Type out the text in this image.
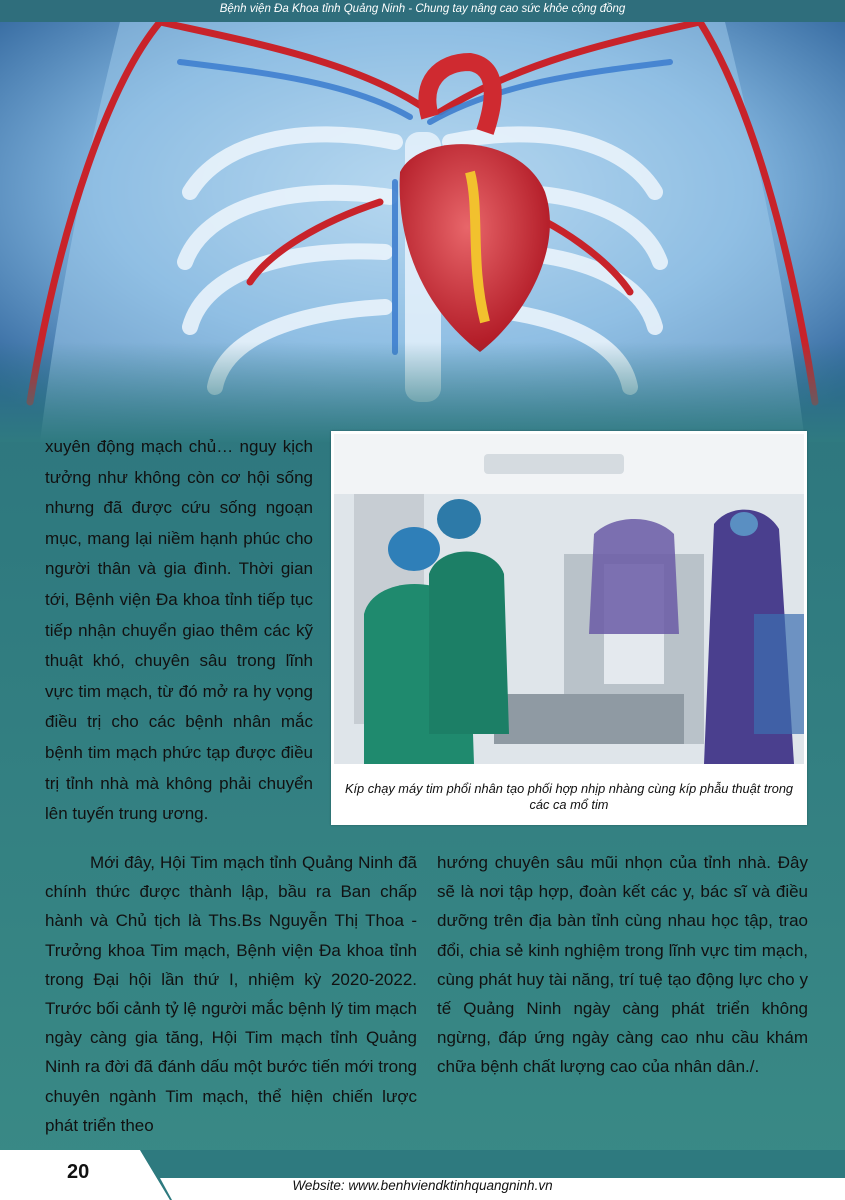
Bệnh viện Đa Khoa tỉnh Quảng Ninh - Chung tay nâng cao sức khỏe cộng đồng

xuyên động mạch chủ… nguy kịch tưởng như không còn cơ hội sống nhưng đã được cứu sống ngoạn mục, mang lại niềm hạnh phúc cho người thân và gia đình. Thời gian tới, Bệnh viện Đa khoa tỉnh tiếp tục tiếp nhận chuyển giao thêm các kỹ thuật khó, chuyên sâu trong lĩnh vực tim mạch, từ đó mở ra hy vọng điều trị cho các bệnh nhân mắc bệnh tim mạch phức tạp được điều trị tỉnh nhà mà không phải chuyển lên tuyến trung ương.

Kíp chạy máy tim phổi nhân tạo phối hợp nhịp nhàng cùng kíp phẫu thuật trong các ca mổ tim

Mới đây, Hội Tim mạch tỉnh Quảng Ninh đã chính thức được thành lập, bầu ra Ban chấp hành và Chủ tịch là Ths.Bs Nguyễn Thị Thoa - Trưởng khoa Tim mạch, Bệnh viện Đa khoa tỉnh trong Đại hội lần thứ I, nhiệm kỳ 2020-2022. Trước bối cảnh tỷ lệ người mắc bệnh lý tim mạch ngày càng gia tăng, Hội Tim mạch tỉnh Quảng Ninh ra đời đã đánh dấu một bước tiến mới trong chuyên ngành Tim mạch, thể hiện chiến lược phát triển theo

hướng chuyên sâu mũi nhọn của tỉnh nhà. Đây sẽ là nơi tập hợp, đoàn kết các y, bác sĩ và điều dưỡng trên địa bàn tỉnh cùng nhau học tập, trao đổi, chia sẻ kinh nghiệm trong lĩnh vực tim mạch, cùng phát huy tài năng, trí tuệ tạo động lực cho y tế Quảng Ninh ngày càng phát triển không ngừng, đáp ứng ngày càng cao nhu cầu khám chữa bệnh chất lượng cao của nhân dân./.

20
Website: www.benhviendktinhquangninh.vn
